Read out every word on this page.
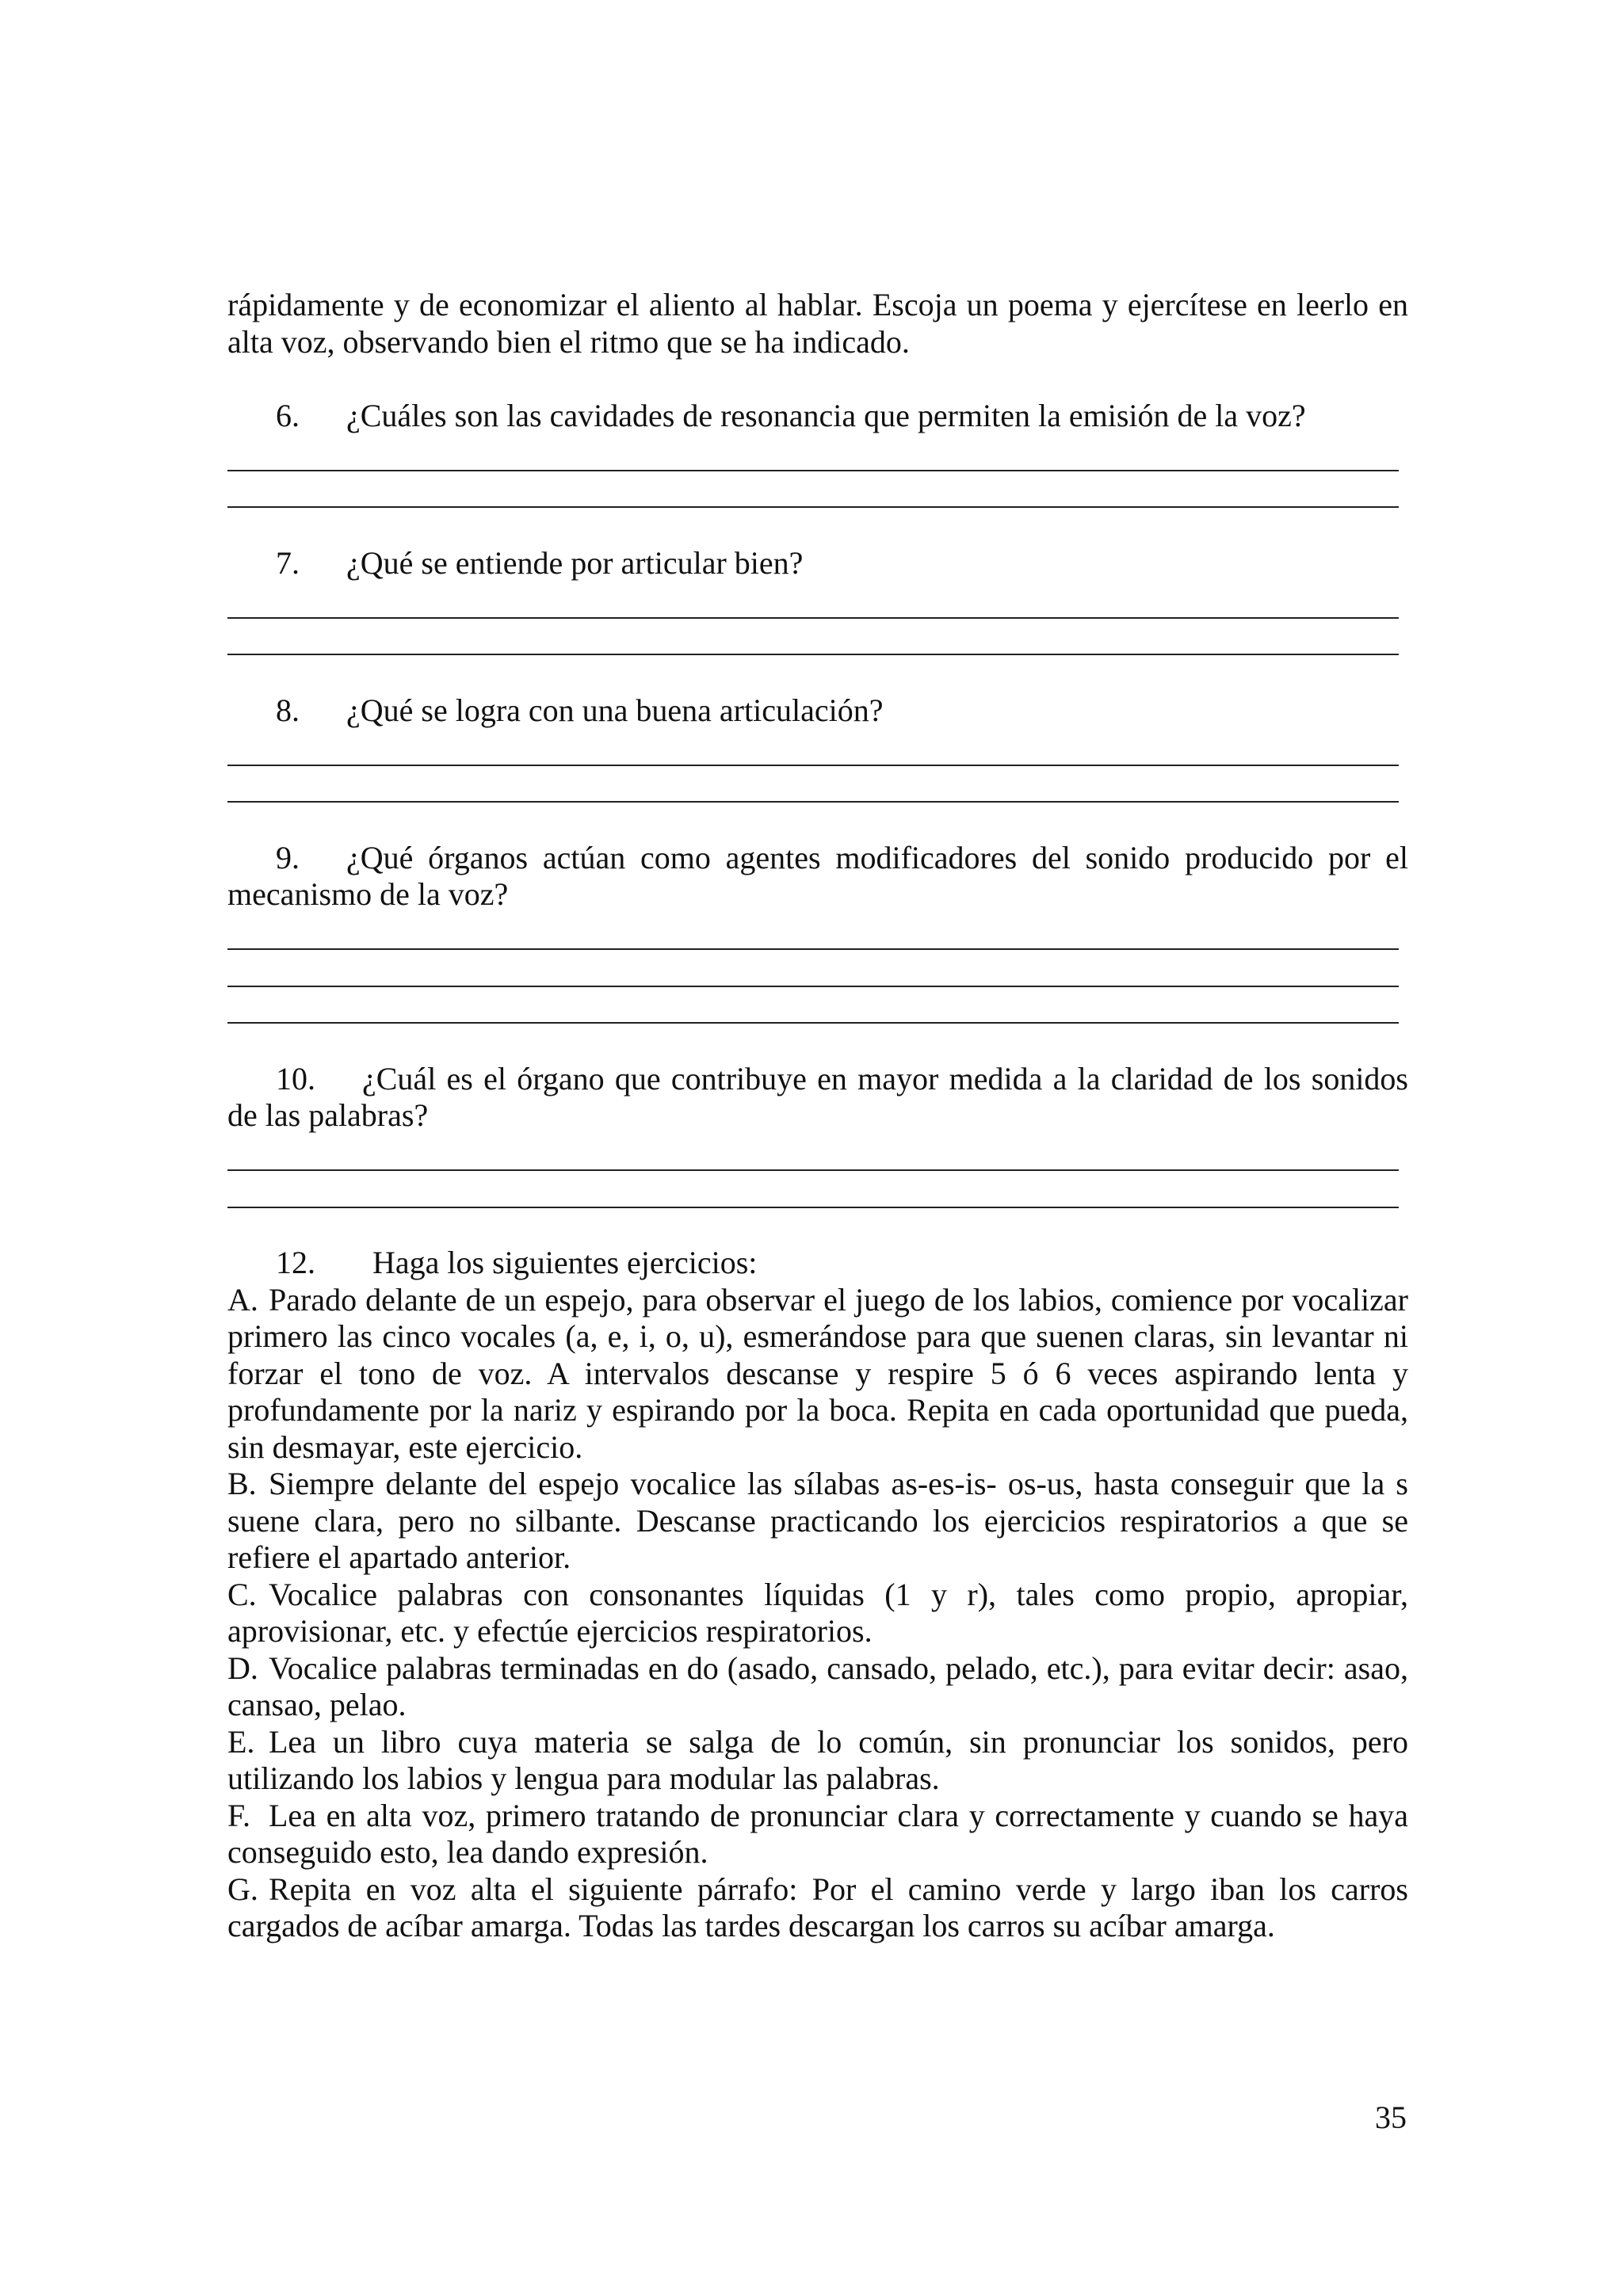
rápidamente y de economizar el aliento al hablar. Escoja un poema y ejercítese en leerlo en alta voz, observando bien el ritmo que se ha indicado.

6. ¿Cuáles son las cavidades de resonancia que permiten la emisión de la voz?

7. ¿Qué se entiende por articular bien?

8. ¿Qué se logra con una buena articulación?

9. ¿Qué órganos actúan como agentes modificadores del sonido producido por el mecanismo de la voz?

10. ¿Cuál es el órgano que contribuye en mayor medida a la claridad de los sonidos de las palabras?

12. Haga los siguientes ejercicios:

A. Parado delante de un espejo, para observar el juego de los labios, comience por vocalizar primero las cinco vocales (a, e, i, o, u), esmerándose para que suenen claras, sin levantar ni forzar el tono de voz. A intervalos descanse y respire 5 ó 6 veces aspirando lenta y profundamente por la nariz y espirando por la boca. Repita en cada oportunidad que pueda, sin desmayar, este ejercicio.

B. Siempre delante del espejo vocalice las sílabas as-es-is- os-us, hasta conseguir que la s suene clara, pero no silbante. Descanse practicando los ejercicios respiratorios a que se refiere el apartado anterior.

C. Vocalice palabras con consonantes líquidas (1 y r), tales como propio, apropiar, aprovisionar, etc. y efectúe ejercicios respiratorios.

D. Vocalice palabras terminadas en do (asado, cansado, pelado, etc.), para evitar decir: asao, cansao, pelao.

E. Lea un libro cuya materia se salga de lo común, sin pronunciar los sonidos, pero utilizando los labios y lengua para modular las palabras.

F. Lea en alta voz, primero tratando de pronunciar clara y correctamente y cuando se haya conseguido esto, lea dando expresión.

G. Repita en voz alta el siguiente párrafo: Por el camino verde y largo iban los carros cargados de acíbar amarga. Todas las tardes descargan los carros su acíbar amarga.

35
